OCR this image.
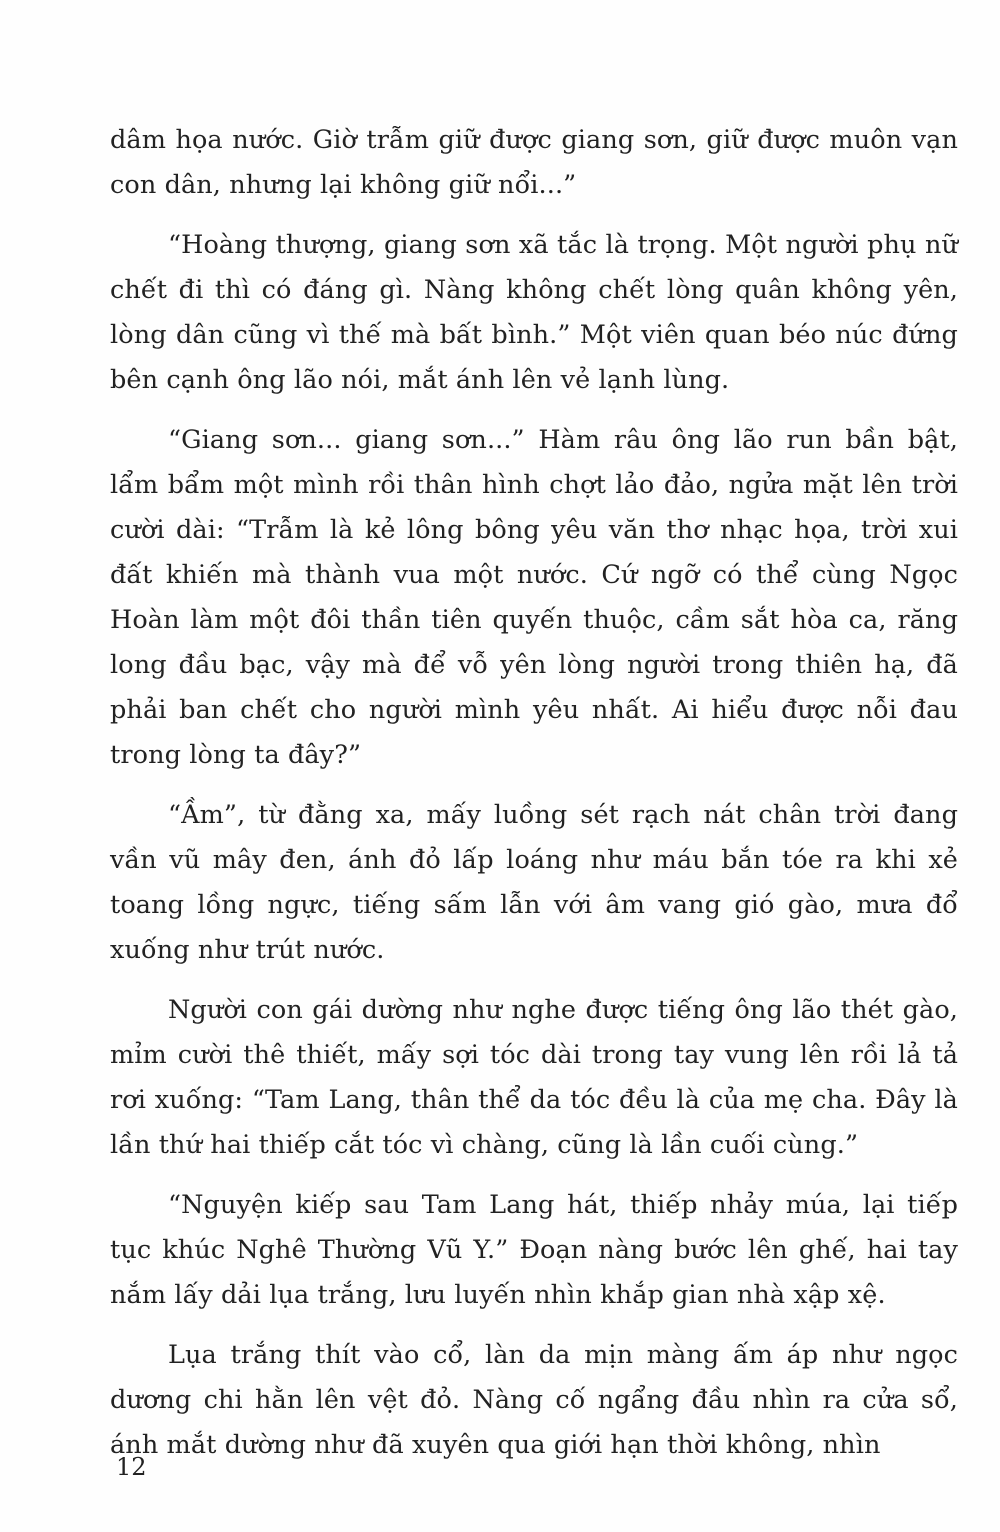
dâm họa nước. Giờ trẫm giữ được giang sơn, giữ được muôn vạn con dân, nhưng lại không giữ nổi...”

“Hoàng thượng, giang sơn xã tắc là trọng. Một người phụ nữ chết đi thì có đáng gì. Nàng không chết lòng quân không yên, lòng dân cũng vì thế mà bất bình.” Một viên quan béo núc đứng bên cạnh ông lão nói, mắt ánh lên vẻ lạnh lùng.

“Giang sơn... giang sơn...” Hàm râu ông lão run bần bật, lẩm bẩm một mình rồi thân hình chợt lảo đảo, ngửa mặt lên trời cười dài: “Trẫm là kẻ lông bông yêu văn thơ nhạc họa, trời xui đất khiến mà thành vua một nước. Cứ ngỡ có thể cùng Ngọc Hoàn làm một đôi thần tiên quyến thuộc, cầm sắt hòa ca, răng long đầu bạc, vậy mà để vỗ yên lòng người trong thiên hạ, đã phải ban chết cho người mình yêu nhất. Ai hiểu được nỗi đau trong lòng ta đây?”

“Ầm”, từ đằng xa, mấy luồng sét rạch nát chân trời đang vần vũ mây đen, ánh đỏ lấp loáng như máu bắn tóe ra khi xẻ toang lồng ngực, tiếng sấm lẫn với âm vang gió gào, mưa đổ xuống như trút nước.

Người con gái dường như nghe được tiếng ông lão thét gào, mỉm cười thê thiết, mấy sợi tóc dài trong tay vung lên rồi lả tả rơi xuống: “Tam Lang, thân thể da tóc đều là của mẹ cha. Đây là lần thứ hai thiếp cắt tóc vì chàng, cũng là lần cuối cùng.”

“Nguyện kiếp sau Tam Lang hát, thiếp nhảy múa, lại tiếp tục khúc Nghê Thường Vũ Y.” Đoạn nàng bước lên ghế, hai tay nắm lấy dải lụa trắng, lưu luyến nhìn khắp gian nhà xập xệ.

Lụa trắng thít vào cổ, làn da mịn màng ấm áp như ngọc dương chi hằn lên vệt đỏ. Nàng cố ngẩng đầu nhìn ra cửa sổ, ánh mắt dường như đã xuyên qua giới hạn thời không, nhìn

12
